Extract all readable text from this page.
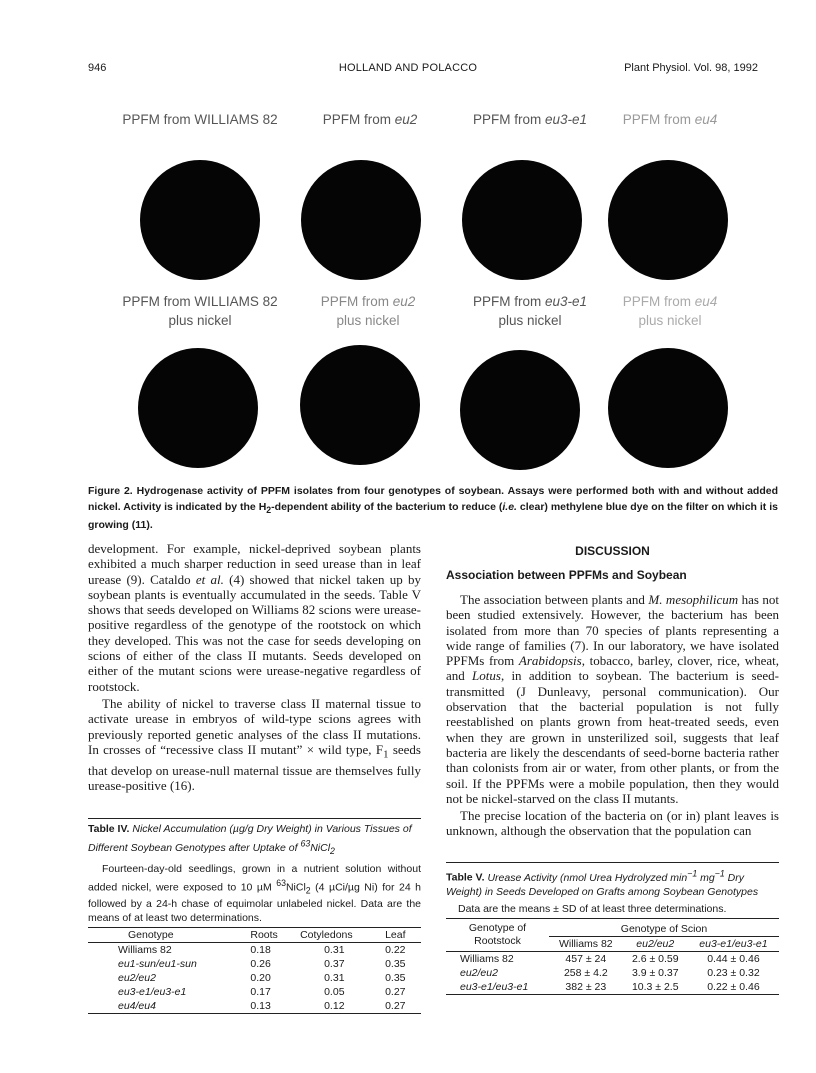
946	HOLLAND AND POLACCO	Plant Physiol. Vol. 98, 1992
PPFM from WILLIAMS 82	PPFM from eu2	PPFM from eu3-e1	PPFM from eu4
PPFM from WILLIAMS 82
plus nickel
PPFM from eu2
plus nickel
PPFM from eu3-e1
plus nickel
PPFM from eu4
plus nickel
Figure 2. Hydrogenase activity of PPFM isolates from four genotypes of soybean. Assays were performed both with and without added nickel. Activity is indicated by the $H_2$-dependent ability of the bacterium to reduce (i.e. clear) methylene blue dye on the filter on which it is growing (11).

development. For example, nickel-deprived soybean plants exhibited a much sharper reduction in seed urease than in leaf urease (9). Cataldo et al. (4) showed that nickel taken up by soybean plants is eventually accumulated in the seeds. Table V shows that seeds developed on Williams 82 scions were urease-positive regardless of the genotype of the rootstock on which they developed. This was not the case for seeds developing on scions of either of the class II mutants. Seeds developed on either of the mutant scions were urease-negative regardless of rootstock.

The ability of nickel to traverse class II maternal tissue to activate urease in embryos of wild-type scions agrees with previously reported genetic analyses of the class II mutations. In crosses of “recessive class II mutant” × wild type, $F_1$ seeds that develop on urease-null maternal tissue are themselves fully urease-positive (16).

Table IV. Nickel Accumulation (µg/g Dry Weight) in Various Tissues of Different Soybean Genotypes after Uptake of $^{63}$NiCl$_2$
Fourteen-day-old seedlings, grown in a nutrient solution without added nickel, were exposed to 10 µM $^{63}$NiCl$_2$ (4 µCi/µg Ni) for 24 h followed by a 24-h chase of equimolar unlabeled nickel. Data are the means of at least two determinations.
Genotype	Roots	Cotyledons	Leaf
Williams 82	0.18	0.31	0.22
eu1-sun/eu1-sun	0.26	0.37	0.35
eu2/eu2	0.20	0.31	0.35
eu3-e1/eu3-e1	0.17	0.05	0.27
eu4/eu4	0.13	0.12	0.27
DISCUSSION
Association between PPFMs and Soybean

The association between plants and M. mesophilicum has not been studied extensively. However, the bacterium has been isolated from more than 70 species of plants representing a wide range of families (7). In our laboratory, we have isolated PPFMs from Arabidopsis, tobacco, barley, clover, rice, wheat, and Lotus, in addition to soybean. The bacterium is seed-transmitted (J Dunleavy, personal communication). Our observation that the bacterial population is not fully reestablished on plants grown from heat-treated seeds, even when they are grown in unsterilized soil, suggests that leaf bacteria are likely the descendants of seed-borne bacteria rather than colonists from air or water, from other plants, or from the soil. If the PPFMs were a mobile population, then they would not be nickel-starved on the class II mutants.

The precise location of the bacteria on (or in) plant leaves is unknown, although the observation that the population can

Table V. Urease Activity (nmol Urea Hydrolyzed $\min^{-1} mg^{-1}$ Dry Weight) in Seeds Developed on Grafts among Soybean Genotypes
Data are the means ± SD of at least three determinations.
Genotype of Rootstock	Genotype of Scion		
	Williams 82	eu2/eu2	eu3-e1/eu3-e1
Williams 82	457 ± 24	2.6 ± 0.59	0.44 ± 0.46
eu2/eu2	258 ± 4.2	3.9 ± 0.37	0.23 ± 0.32
eu3-e1/eu3-e1	382 ± 23	10.3 ± 2.5	0.22 ± 0.46
